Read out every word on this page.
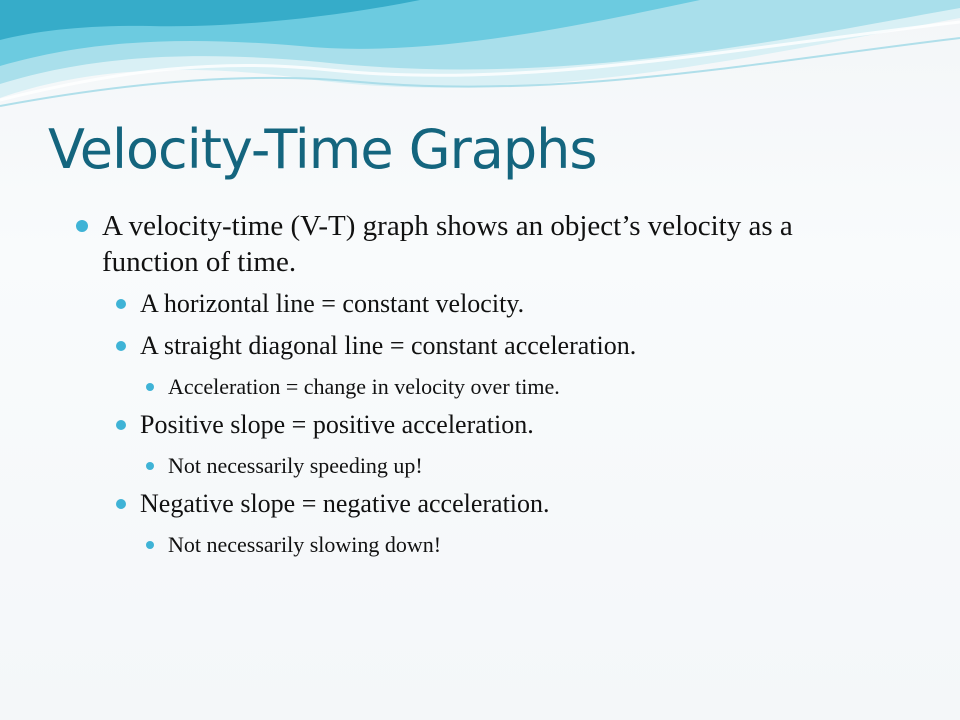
Velocity-Time Graphs
A velocity-time (V-T) graph shows an object’s velocity as a function of time.
A horizontal line = constant velocity.
A straight diagonal line = constant acceleration.
Acceleration = change in velocity over time.
Positive slope = positive acceleration.
Not necessarily speeding up!
Negative slope = negative acceleration.
Not necessarily slowing down!
